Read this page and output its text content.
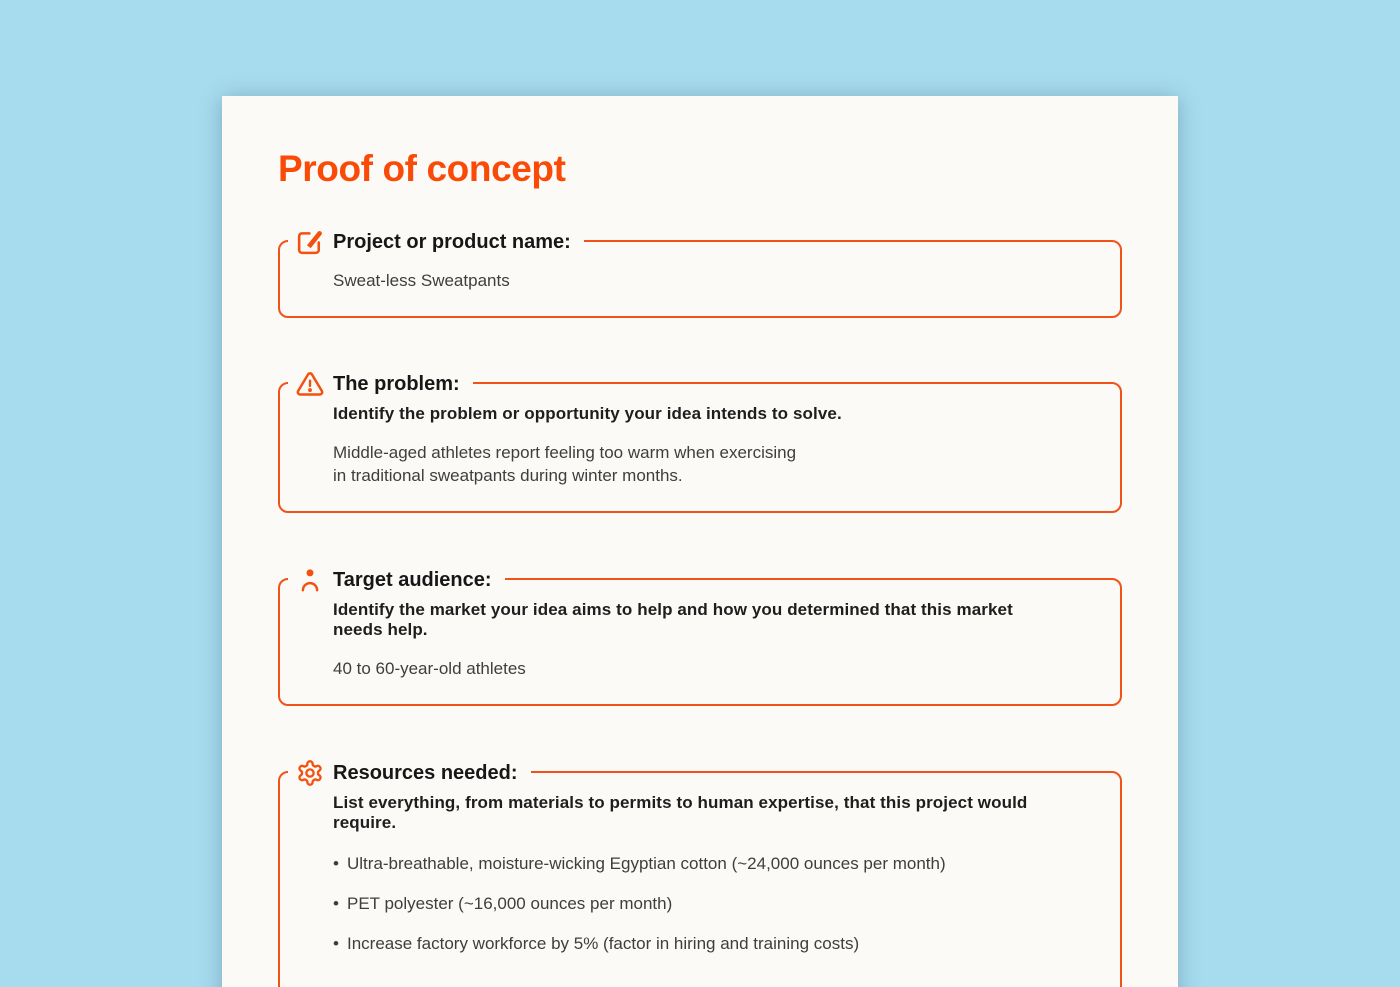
Proof of concept
Project or product name:
Sweat-less Sweatpants
The problem:
Identify the problem or opportunity your idea intends to solve.
Middle-aged athletes report feeling too warm when exercising
in traditional sweatpants during winter months.
Target audience:
Identify the market your idea aims to help and how you determined that this market needs help.
40 to 60-year-old athletes
Resources needed:
List everything, from materials to permits to human expertise, that this project would require.
• Ultra-breathable, moisture-wicking Egyptian cotton (~24,000 ounces per month)
• PET polyester (~16,000 ounces per month)
• Increase factory workforce by 5% (factor in hiring and training costs)
